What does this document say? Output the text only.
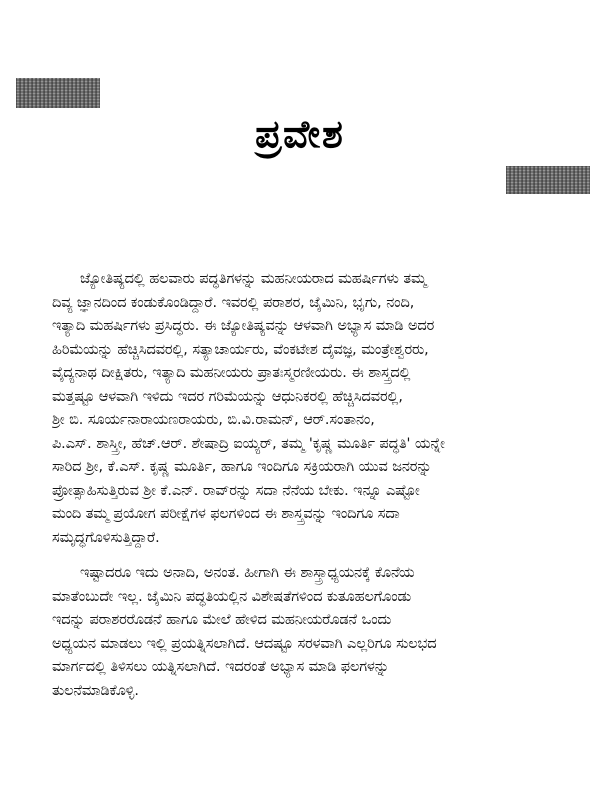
ಪ್ರವೇಶ
ಜ್ಯೋತಿಷ್ಯದಲ್ಲಿ ಹಲವಾರು ಪದ್ಧತಿಗಳನ್ನು ಮಹನೀಯರಾದ ಮಹರ್ಷಿಗಳು ತಮ್ಮ
ದಿವ್ಯ ಜ್ಞಾನದಿಂದ ಕಂಡುಕೊಂಡಿದ್ದಾರೆ. ಇವರಲ್ಲಿ ಪರಾಶರ, ಜೈಮಿನಿ, ಭೃಗು, ನಂದಿ,
ಇತ್ಯಾದಿ ಮಹರ್ಷಿಗಳು ಪ್ರಸಿದ್ಧರು. ಈ ಜ್ಯೋತಿಷ್ಯವನ್ನು ಆಳವಾಗಿ ಅಭ್ಯಾಸ ಮಾಡಿ ಅದರ
ಹಿರಿಮೆಯನ್ನು ಹೆಚ್ಚಿಸಿದವರಲ್ಲಿ, ಸತ್ಯಾಚಾರ್ಯರು, ವೆಂಕಟೇಶ ದೈವಜ್ಞ, ಮಂತ್ರೇಶ್ವರರು,
ವೈದ್ಯನಾಥ ದೀಕ್ಷಿತರು, ಇತ್ಯಾದಿ ಮಹನೀಯರು ಪ್ರಾತಃಸ್ಮರಣೀಯರು. ಈ ಶಾಸ್ತ್ರದಲ್ಲಿ
ಮತ್ತಷ್ಟೂ ಆಳವಾಗಿ ಇಳಿದು ಇದರ ಗರಿಮೆಯನ್ನು ಆಧುನಿಕರಲ್ಲಿ ಹೆಚ್ಚಿಸಿದವರಲ್ಲಿ,
ಶ್ರೀ ಬಿ. ಸೂರ್ಯನಾರಾಯಣರಾಯರು, ಬಿ.ವಿ.ರಾಮನ್, ಆರ್.ಸಂತಾನಂ,
ಪಿ.ಎಸ್. ಶಾಸ್ತ್ರೀ, ಹೆಚ್.ಆರ್. ಶೇಷಾದ್ರಿ ಐಯ್ಯರ್, ತಮ್ಮ 'ಕೃಷ್ಣ ಮೂರ್ತಿ ಪದ್ಧತಿ' ಯನ್ನೇ
ಸಾರಿದ ಶ್ರೀ, ಕೆ.ಎಸ್. ಕೃಷ್ಣ ಮೂರ್ತಿ, ಹಾಗೂ ಇಂದಿಗೂ ಸಕ್ರಿಯರಾಗಿ ಯುವ ಜನರನ್ನು
ಪ್ರೋತ್ಸಾಹಿಸುತ್ತಿರುವ ಶ್ರೀ ಕೆ.ಎನ್. ರಾವ್‌ರನ್ನು ಸದಾ ನೆನೆಯ ಬೇಕು. ಇನ್ನೂ ಎಷ್ಟೋ
ಮಂದಿ ತಮ್ಮ ಪ್ರಯೋಗ ಪರೀಕ್ಷೆಗಳ ಫಲಗಳಿಂದ ಈ ಶಾಸ್ತ್ರವನ್ನು ಇಂದಿಗೂ ಸದಾ
ಸಮೃದ್ಧಗೊಳಿಸುತ್ತಿದ್ದಾರೆ.
ಇಷ್ಟಾದರೂ ಇದು ಅನಾದಿ, ಅನಂತ. ಹೀಗಾಗಿ ಈ ಶಾಸ್ತ್ರಾಧ್ಯಯನಕ್ಕೆ ಕೊನೆಯ
ಮಾತೆಂಬುದೇ ಇಲ್ಲ. ಜೈಮಿನಿ ಪದ್ಧತಿಯಲ್ಲಿನ ವಿಶೇಷತೆಗಳಿಂದ ಕುತೂಹಲಗೊಂಡು
ಇದನ್ನು ಪರಾಶರರೊಡನೆ ಹಾಗೂ ಮೇಲೆ ಹೇಳಿದ ಮಹನೀಯರೊಡನೆ ಒಂದು
ಅಧ್ಯಯನ ಮಾಡಲು ಇಲ್ಲಿ ಪ್ರಯತ್ನಿಸಲಾಗಿದೆ. ಆದಷ್ಟೂ ಸರಳವಾಗಿ ಎಲ್ಲರಿಗೂ ಸುಲಭದ
ಮಾರ್ಗದಲ್ಲಿ ತಿಳಿಸಲು ಯತ್ನಿಸಲಾಗಿದೆ. ಇದರಂತೆ ಅಭ್ಯಾಸ ಮಾಡಿ ಫಲಗಳನ್ನು
ತುಲನೆಮಾಡಿಕೊಳ್ಳಿ.
